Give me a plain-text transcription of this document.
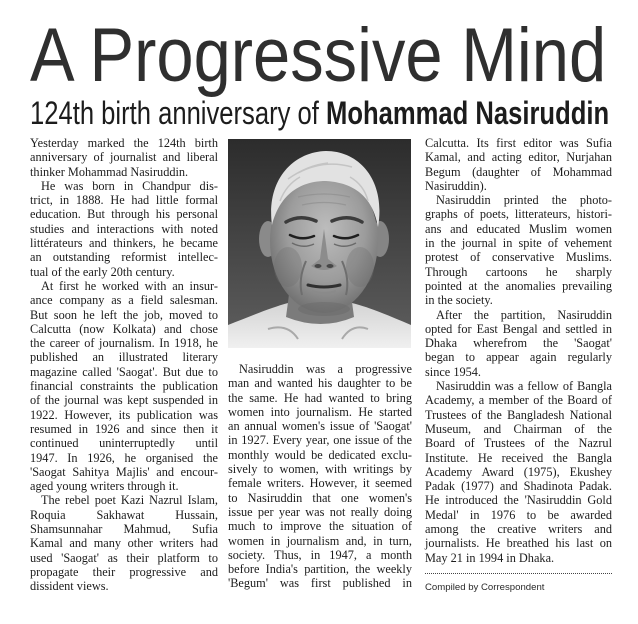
A Progressive Mind
124th birth anniversary of Mohammad Nasiruddin
Yesterday marked the 124th birth
anniversary of journalist and liberal
thinker Mohammad Nasiruddin.
He was born in Chandpur dis-
trict, in 1888. He had little formal
education. But through his personal
studies and interactions with noted
littérateurs and thinkers, he became
an outstanding reformist intellec-
tual of the early 20th century.
At first he worked with an insur-
ance company as a field salesman.
But soon he left the job, moved to
Calcutta (now Kolkata) and chose
the career of journalism. In 1918, he
published an illustrated literary
magazine called 'Saogat'. But due to
financial constraints the publication
of the journal was kept suspended in
1922. However, its publication was
resumed in 1926 and since then it
continued uninterruptedly until
1947. In 1926, he organised the
'Saogat Sahitya Majlis' and encour-
aged young writers through it.
The rebel poet Kazi Nazrul Islam,
Roquia Sakhawat Hussain,
Shamsunnahar Mahmud, Sufia
Kamal and many other writers had
used 'Saogat' as their platform to
propagate their progressive and
dissident views.
Nasiruddin was a progressive
man and wanted his daughter to be
the same. He had wanted to bring
women into journalism. He started
an annual women's issue of 'Saogat'
in 1927. Every year, one issue of the
monthly would be dedicated exclu-
sively to women, with writings by
female writers. However, it seemed
to Nasiruddin that one women's
issue per year was not really doing
much to improve the situation of
women in journalism and, in turn,
society. Thus, in 1947, a month
before India's partition, the weekly
'Begum' was first published in
Calcutta. Its first editor was Sufia
Kamal, and acting editor, Nurjahan
Begum (daughter of Mohammad
Nasiruddin).
Nasiruddin printed the photo-
graphs of poets, litterateurs, histori-
ans and educated Muslim women
in the journal in spite of vehement
protest of conservative Muslims.
Through cartoons he sharply
pointed at the anomalies prevailing
in the society.
After the partition, Nasiruddin
opted for East Bengal and settled in
Dhaka wherefrom the 'Saogat'
began to appear again regularly
since 1954.
Nasiruddin was a fellow of Bangla
Academy, a member of the Board of
Trustees of the Bangladesh National
Museum, and Chairman of the
Board of Trustees of the Nazrul
Institute. He received the Bangla
Academy Award (1975), Ekushey
Padak (1977) and Shadinota Padak.
He introduced the 'Nasiruddin Gold
Medal' in 1976 to be awarded
among the creative writers and
journalists. He breathed his last on
May 21 in 1994 in Dhaka.
Compiled by Correspondent
